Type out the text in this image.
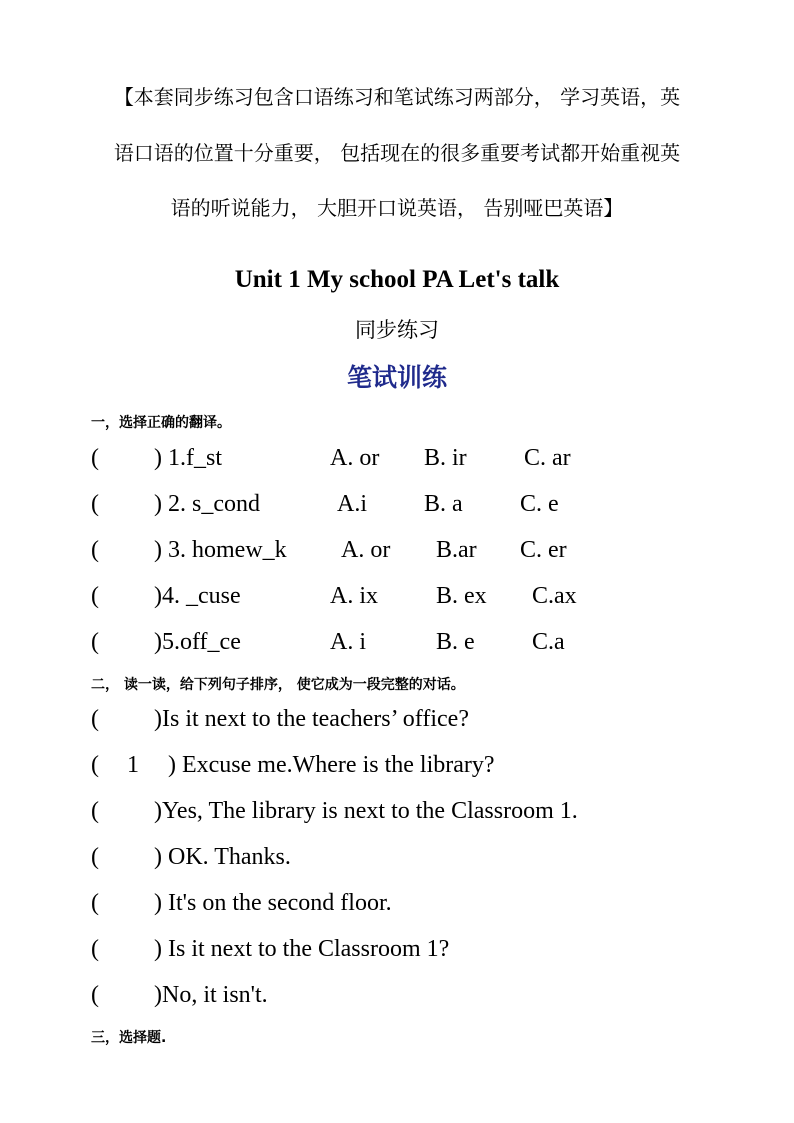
【本套同步练习包含口语练习和笔试练习两部分， 学习英语，英
语口语的位置十分重要， 包括现在的很多重要考试都开始重视英
语的听说能力， 大胆开口说英语， 告别哑巴英语】
Unit 1 My school PA Let's talk
同步练习
笔试训练
一，选择正确的翻译。
( ) 1.f_st	A. or B. ir C. ar
( ) 2. s_cond	A.i B. a C. e
( ) 3. homew_k A. or B.ar C. er
( )4. _cuse	A. ix B. ex C.ax
( )5.off_ce	A. i	B. e C.a
二， 读一读，给下列句子排序， 使它成为一段完整的对话。
( )Is it next to the teachers’ office?
(	1	) Excuse me.Where is the library?
( )Yes, The library is next to the Classroom 1.
( ) OK. Thanks.
( ) It's on the second floor.
( ) Is it next to the Classroom 1?
( )No, it isn't.
三，选择题.
